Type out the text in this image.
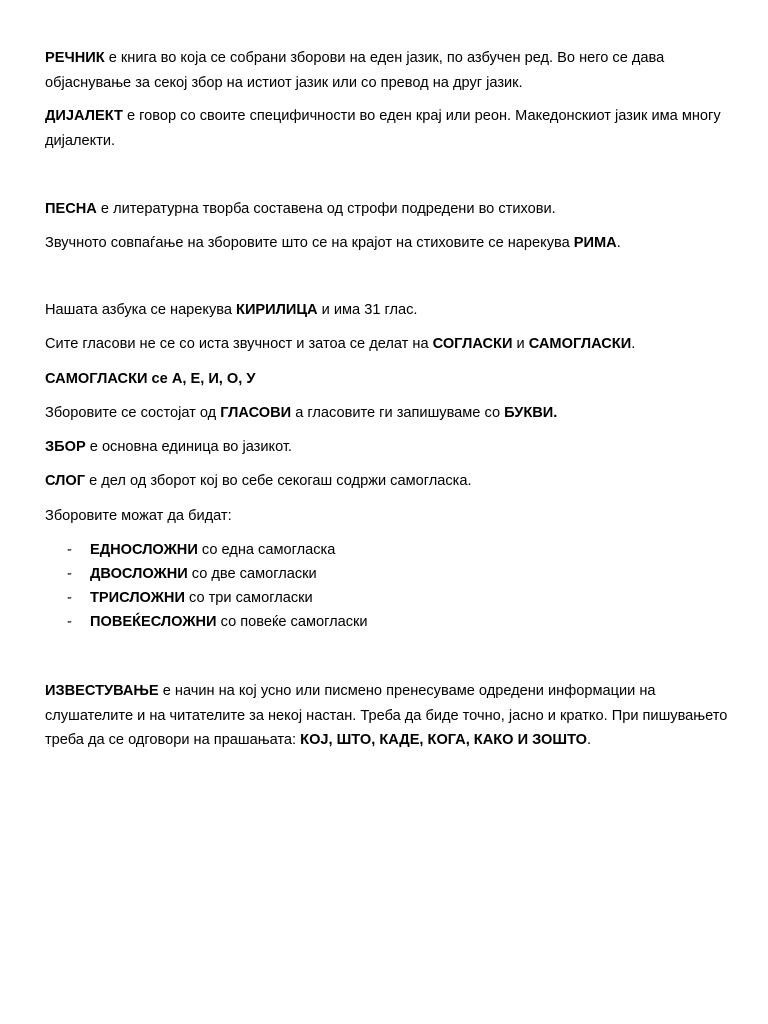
РЕЧНИК е книга во која се собрани зборови на еден јазик, по азбучен ред. Во него се дава објаснување за секој збор на истиот јазик или со превод на друг јазик.

ДИЈАЛЕКТ е говор со своите специфичности во еден крај или реон. Македонскиот јазик има многу дијалекти.

ПЕСНА е литературна творба составена од строфи подредени во стихови.

Звучното совпаѓање на зборовите што се на крајот на стиховите се нарекува РИМА.

Нашата азбука се нарекува КИРИЛИЦА и има 31 глас.

Сите гласови не се со иста звучност и затоа се делат на СОГЛАСКИ и САМОГЛАСКИ.

САМОГЛАСКИ се А, Е, И, О, У

Зборовите се состојат од ГЛАСОВИ а гласовите ги запишуваме со БУКВИ.

ЗБОР е основна единица во јазикот.

СЛОГ е дел од зборот кој во себе секогаш содржи самогласка.

Зборовите можат да бидат:

- ЕДНОСЛОЖНИ со една самогласка
- ДВОСЛОЖНИ со две самогласки
- ТРИСЛОЖНИ со три самогласки
- ПОВЕЌЕСЛОЖНИ со повеќе самогласки

ИЗВЕСТУВАЊЕ е начин на кој усно или писмено пренесуваме одредени информации на слушателите и на читателите за некој настан. Треба да биде точно, јасно и кратко. При пишувањето треба да се одговори на прашањата: КОЈ, ШТО, КАДЕ, КОГА, КАКО И ЗОШТО.
